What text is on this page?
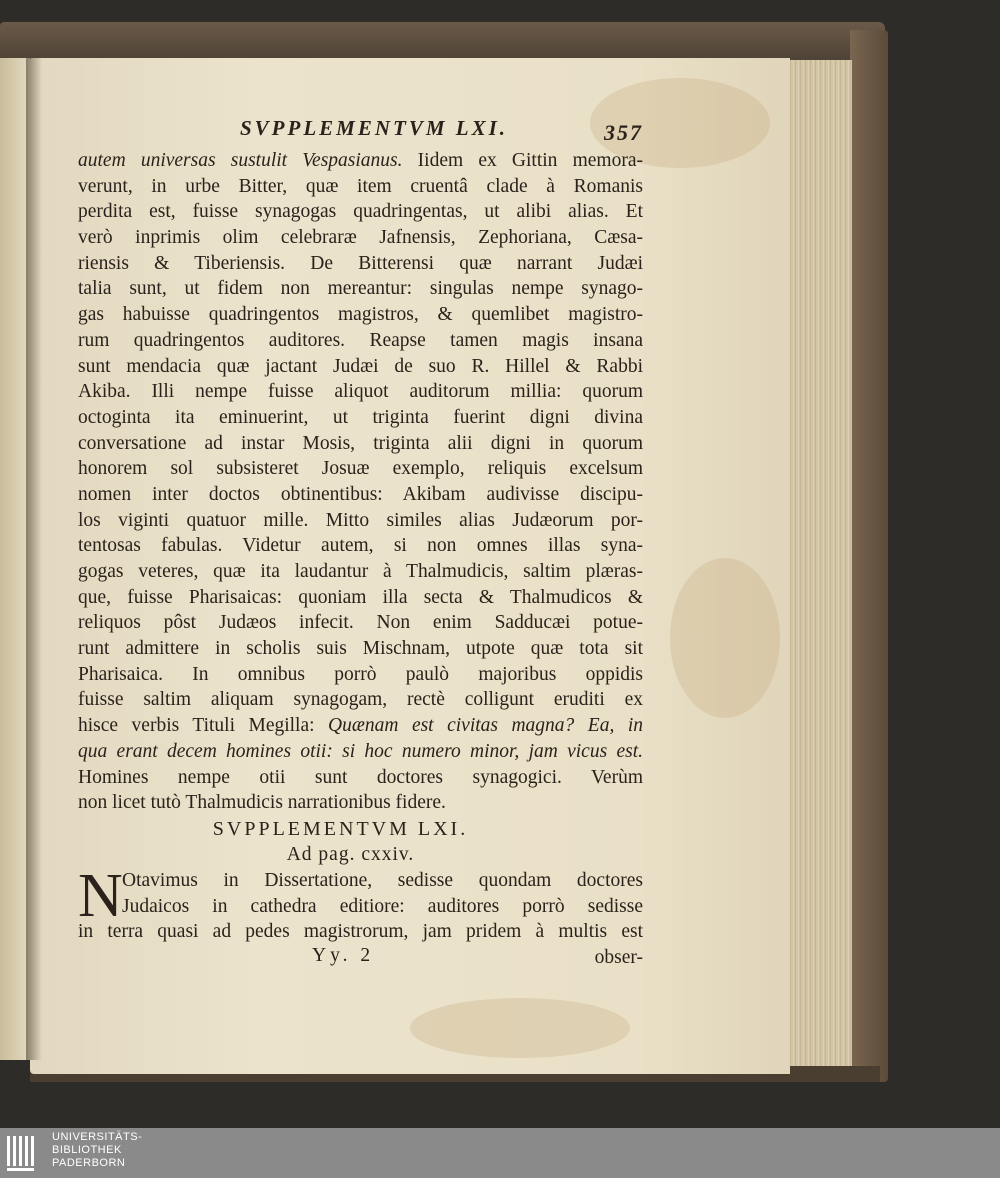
SVPPLEMENTVM LXI.	357
autem universas sustulit Vespasianus. Iidem ex Gittin memora-
verunt, in urbe Bitter, quæ item cruentâ clade à Romanis
perdita est, fuisse synagogas quadringentas, ut alibi alias. Et
verò inprimis olim celebraræ Jafnensis, Zephoriana, Cæsa-
riensis & Tiberiensis. De Bitterensi quæ narrant Judæi
talia sunt, ut fidem non mereantur: singulas nempe synago-
gas habuisse quadringentos magistros, & quemlibet magistro-
rum quadringentos auditores. Reapse tamen magis insana
sunt mendacia quæ jactant Judæi de suo R. Hillel & Rabbi
Akiba. Illi nempe fuisse aliquot auditorum millia: quorum
octoginta ita eminuerint, ut triginta fuerint digni divina
conversatione ad instar Mosis, triginta alii digni in quorum
honorem sol subsisteret Josuæ exemplo, reliquis excelsum
nomen inter doctos obtinentibus: Akibam audivisse discipu-
los viginti quatuor mille. Mitto similes alias Judæorum por-
tentosas fabulas. Videtur autem, si non omnes illas syna-
gogas veteres, quæ ita laudantur à Thalmudicis, saltim plæras-
que, fuisse Pharisaicas: quoniam illa secta & Thalmudicos &
reliquos pôst Judæos infecit. Non enim Sadducæi potue-
runt admittere in scholis suis Mischnam, utpote quæ tota sit
Pharisaica. In omnibus porrò paulò majoribus oppidis
fuisse saltim aliquam synagogam, rectè colligunt eruditi ex
hisce verbis Tituli Megilla: Quænam est civitas magna? Ea, in
qua erant decem homines otii: si hoc numero minor, jam vicus est.
Homines nempe otii sunt doctores synagogici. Verùm
non licet tutò Thalmudicis narrationibus fidere.
SVPPLEMENTVM LXI.
Ad pag. cxxiv.
N Otavimus in Dissertatione, sedisse quondam doctores
Judaicos in cathedra editiore: auditores porrò sedisse
in terra quasi ad pedes magistrorum, jam pridem à multis est
Yy. 2	obser-
UNIVERSITÄTS-
BIBLIOTHEK
PADERBORN
